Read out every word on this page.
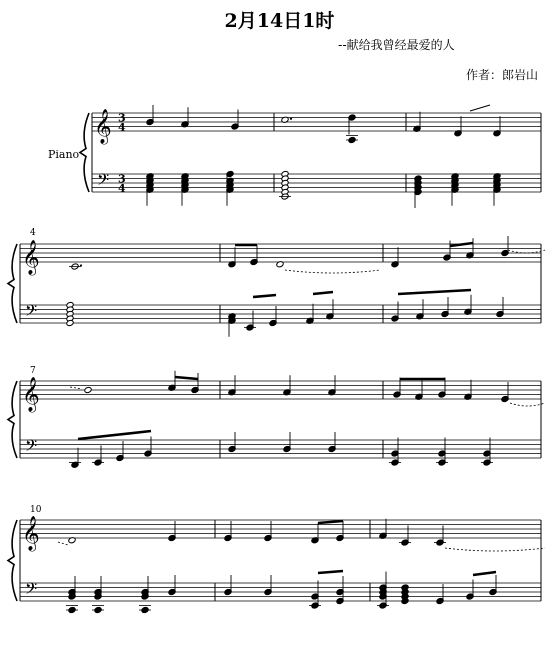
2月14日1时
--献给我曾经最爱的人
作者：郎岩山
Piano
4
7
10
𝄞
𝄢
3
4
3
4
𝄞
𝄢
𝄞
𝄢
𝄞
𝄢
